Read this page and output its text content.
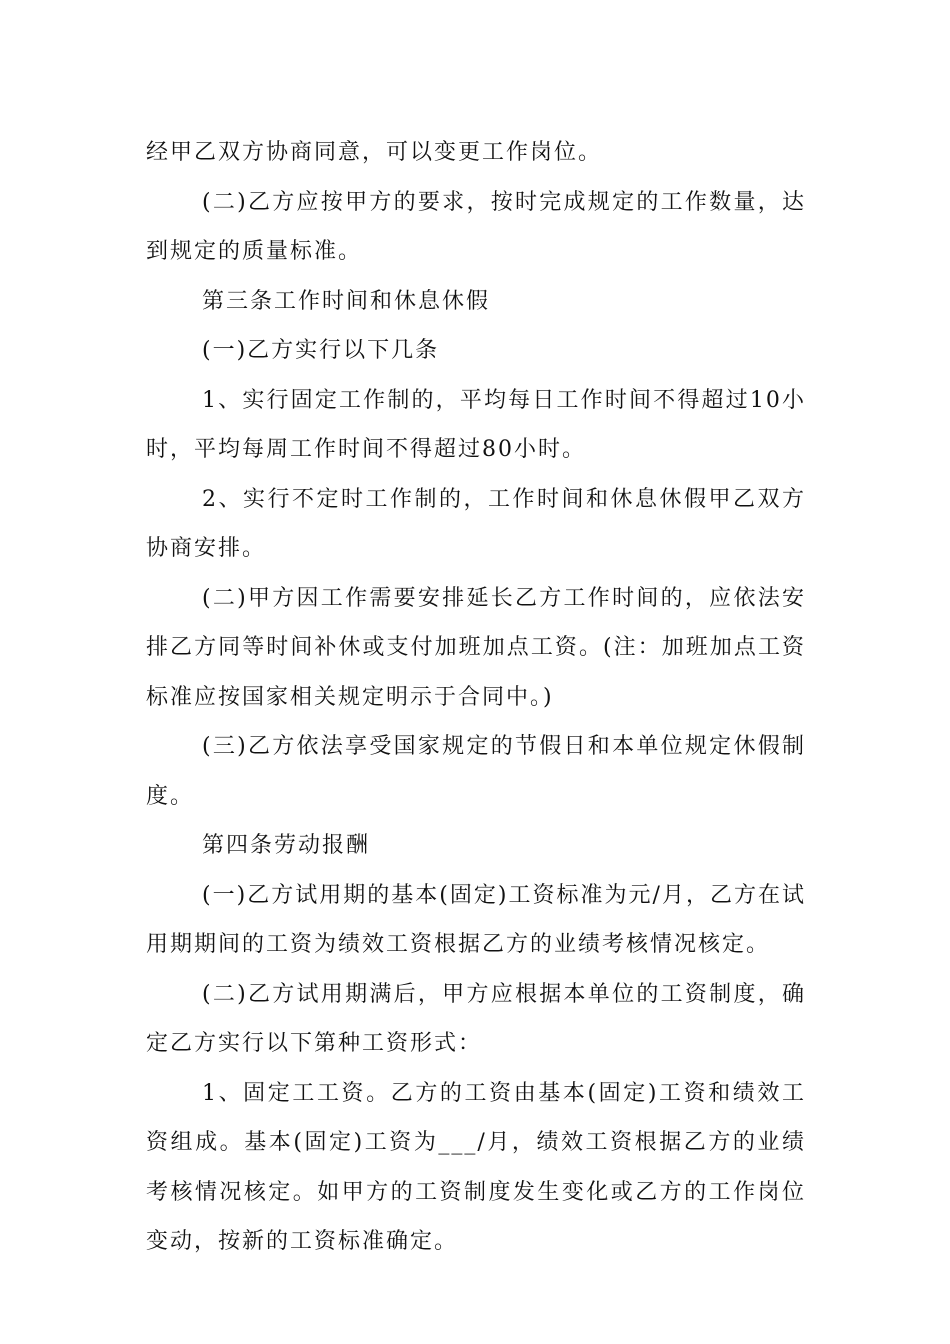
经甲乙双方协商同意，可以变更工作岗位。

(二)乙方应按甲方的要求，按时完成规定的工作数量，达到规定的质量标准。

第三条工作时间和休息休假

(一)乙方实行以下几条

1、实行固定工作制的，平均每日工作时间不得超过10小时，平均每周工作时间不得超过80小时。

2、实行不定时工作制的，工作时间和休息休假甲乙双方协商安排。

(二)甲方因工作需要安排延长乙方工作时间的，应依法安排乙方同等时间补休或支付加班加点工资。(注：加班加点工资标准应按国家相关规定明示于合同中。)

(三)乙方依法享受国家规定的节假日和本单位规定休假制度。

第四条劳动报酬

(一)乙方试用期的基本(固定)工资标准为元/月，乙方在试用期期间的工资为绩效工资根据乙方的业绩考核情况核定。

(二)乙方试用期满后，甲方应根据本单位的工资制度，确定乙方实行以下第种工资形式：

1、固定工工资。乙方的工资由基本(固定)工资和绩效工资组成。基本(固定)工资为___/月，绩效工资根据乙方的业绩考核情况核定。如甲方的工资制度发生变化或乙方的工作岗位变动，按新的工资标准确定。
